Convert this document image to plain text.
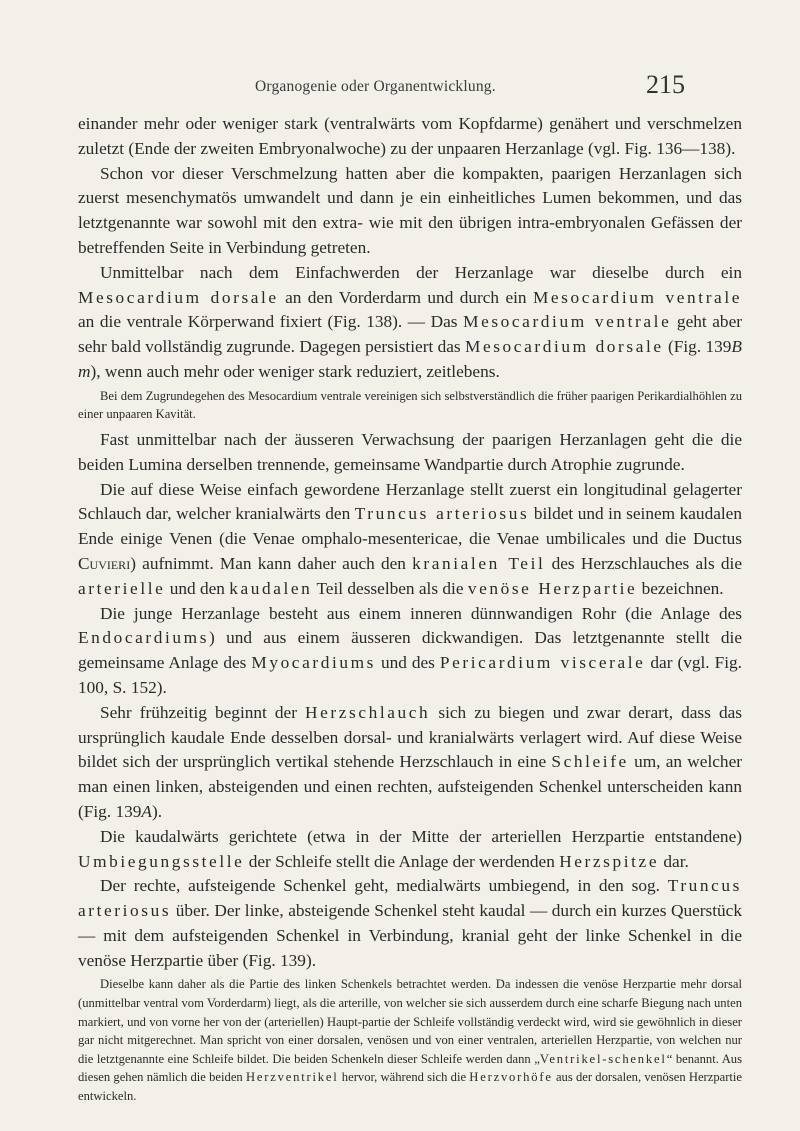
Organogenie oder Organentwicklung.	215

einander mehr oder weniger stark (ventralwärts vom Kopfdarme) genähert und verschmelzen zuletzt (Ende der zweiten Embryonalwoche) zu der unpaaren Herzanlage (vgl. Fig. 136—138).

Schon vor dieser Verschmelzung hatten aber die kompakten, paarigen Herzanlagen sich zuerst mesenchymatös umwandelt und dann je ein einheitliches Lumen bekommen, und das letztgenannte war sowohl mit den extra- wie mit den übrigen intra-embryonalen Gefässen der betreffenden Seite in Verbindung getreten.

Unmittelbar nach dem Einfachwerden der Herzanlage war dieselbe durch ein Mesocardium dorsale an den Vorderdarm und durch ein Mesocardium ventrale an die ventrale Körperwand fixiert (Fig. 138). — Das Mesocardium ventrale geht aber sehr bald vollständig zugrunde. Dagegen persistiert das Mesocardium dorsale (Fig. 139B m), wenn auch mehr oder weniger stark reduziert, zeitlebens.

Bei dem Zugrundegehen des Mesocardium ventrale vereinigen sich selbstverständlich die früher paarigen Perikardialhöhlen zu einer unpaaren Kavität.

Fast unmittelbar nach der äusseren Verwachsung der paarigen Herzanlagen geht die die beiden Lumina derselben trennende, gemeinsame Wandpartie durch Atrophie zugrunde.

Die auf diese Weise einfach gewordene Herzanlage stellt zuerst ein longitudinal gelagerter Schlauch dar, welcher kranialwärts den Truncus arteriosus bildet und in seinem kaudalen Ende einige Venen (die Venae omphalo-mesentericae, die Venae umbilicales und die Ductus Cuvieri) aufnimmt. Man kann daher auch den kranialen Teil des Herzschlauches als die arterielle und den kaudalen Teil desselben als die venöse Herzpartie bezeichnen.

Die junge Herzanlage besteht aus einem inneren dünnwandigen Rohr (die Anlage des Endocardiums) und aus einem äusseren dickwandigen. Das letztgenannte stellt die gemeinsame Anlage des Myocardiums und des Pericardium viscerale dar (vgl. Fig. 100, S. 152).

Sehr frühzeitig beginnt der Herzschlauch sich zu biegen und zwar derart, dass das ursprünglich kaudale Ende desselben dorsal- und kranialwärts verlagert wird. Auf diese Weise bildet sich der ursprünglich vertikal stehende Herzschlauch in eine Schleife um, an welcher man einen linken, absteigenden und einen rechten, aufsteigenden Schenkel unterscheiden kann (Fig. 139A).

Die kaudalwärts gerichtete (etwa in der Mitte der arteriellen Herzpartie entstandene) Umbiegungsstelle der Schleife stellt die Anlage der werdenden Herzspitze dar.

Der rechte, aufsteigende Schenkel geht, medialwärts umbiegend, in den sog. Truncus arteriosus über. Der linke, absteigende Schenkel steht kaudal — durch ein kurzes Querstück — mit dem aufsteigenden Schenkel in Verbindung, kranial geht der linke Schenkel in die venöse Herzpartie über (Fig. 139).

Dieselbe kann daher als die Partie des linken Schenkels betrachtet werden. Da indessen die venöse Herzpartie mehr dorsal (unmittelbar ventral vom Vorderdarm) liegt, als die arterille, von welcher sie sich ausserdem durch eine scharfe Biegung nach unten markiert, und von vorne her von der (arteriellen) Haupt-partie der Schleife vollständig verdeckt wird, wird sie gewöhnlich in dieser gar nicht mitgerechnet. Man spricht von einer dorsalen, venösen und von einer ventralen, arteriellen Herzpartie, von welchen nur die letztgenannte eine Schleife bildet. Die beiden Schenkeln dieser Schleife werden dann „Ventrikel-schenkel“ benannt. Aus diesen gehen nämlich die beiden Herzventrikel hervor, während sich die Herzvorhöfe aus der dorsalen, venösen Herzpartie entwickeln.
